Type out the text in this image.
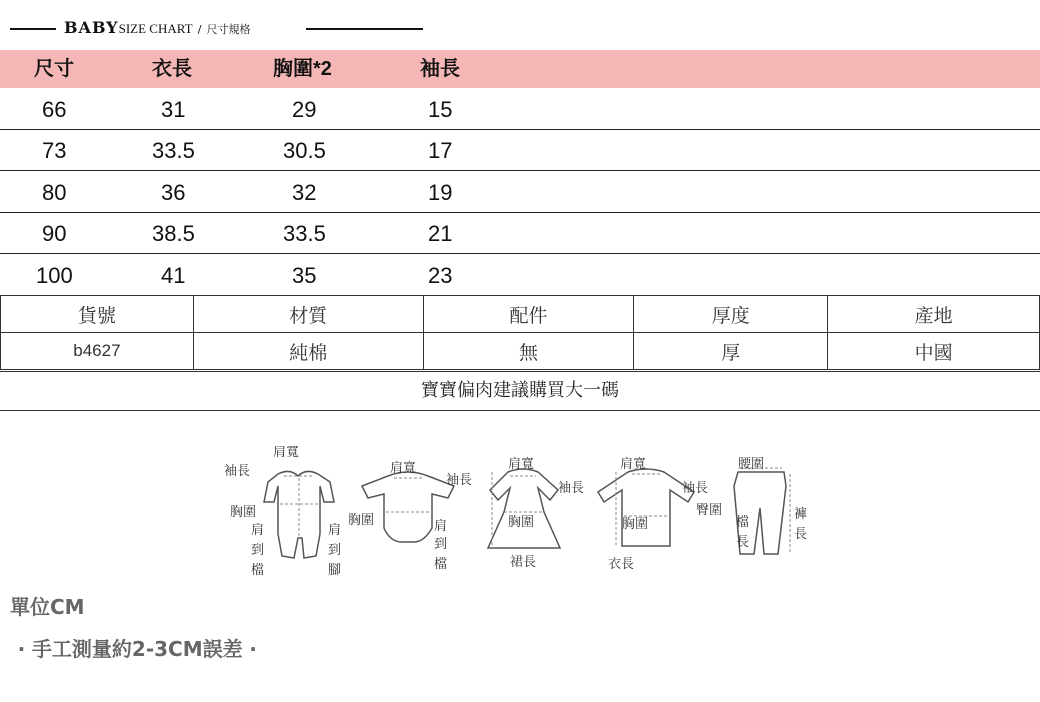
BABYSIZE CHART / 尺寸規格
尺寸	衣長	胸圍*2	袖長
66	31	29	15
73	33.5	30.5	17
80	36	32	19
90	38.5	33.5	21
100	41	35	23
貨號	材質	配件	厚度	產地
b4627	純棉	無	厚	中國
寶寶偏肉建議購買大一碼
肩寬
袖長
胸圍
肩
到
檔
肩
到
腳
肩寬
袖長
胸圍	肩
到
檔
肩寬
袖長
胸圍
裙長
肩寬
袖長
胸圍
衣長
腰圍
臀圍
檔
長
褲
長
單位CM
‧ 手工測量約2-3CM誤差 ‧
